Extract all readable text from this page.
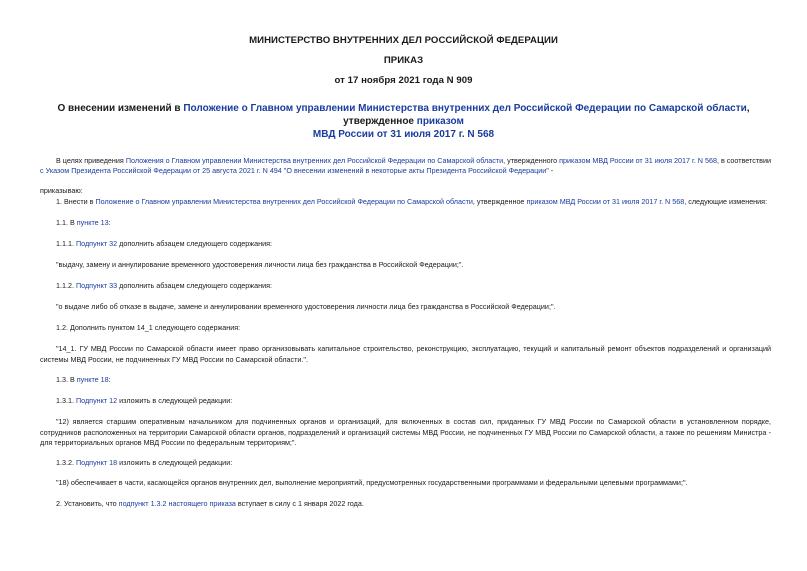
МИНИСТЕРСТВО ВНУТРЕННИХ ДЕЛ РОССИЙСКОЙ ФЕДЕРАЦИИ
ПРИКАЗ
от 17 ноября 2021 года N 909
О внесении изменений в Положение о Главном управлении Министерства внутренних дел Российской Федерации по Самарской области, утвержденное приказом
МВД России от 31 июля 2017 г. N 568
В целях приведения Положения о Главном управлении Министерства внутренних дел Российской Федерации по Самарской области, утвержденного приказом МВД России от 31 июля 2017 г. N 568, в соответствии
с Указом Президента Российской Федерации от 25 августа 2021 г. N 494 "О внесении изменений в некоторые акты Президента Российской Федерации" -
приказываю:
1. Внести в Положение о Главном управлении Министерства внутренних дел Российской Федерации по Самарской области, утвержденное приказом МВД России от 31 июля 2017 г. N 568, следующие изменения:
1.1. В пункте 13:
1.1.1. Подпункт 32 дополнить абзацем следующего содержания:
"выдачу, замену и аннулирование временного удостоверения личности лица без гражданства в Российской Федерации;".
1.1.2. Подпункт 33 дополнить абзацем следующего содержания:
"о выдаче либо об отказе в выдаче, замене и аннулировании временного удостоверения личности лица без гражданства в Российской Федерации;".
1.2. Дополнить пунктом 14_1 следующего содержания:
"14_1. ГУ МВД России по Самарской области имеет право организовывать капитальное строительство, реконструкцию, эксплуатацию, текущий и капитальный ремонт объектов подразделений и организаций системы МВД России, не подчиненных ГУ МВД России по Самарской области.".
1.3. В пункте 18:
1.3.1. Подпункт 12 изложить в следующей редакции:
"12) является старшим оперативным начальником для подчиненных органов и организаций, для включенных в состав сил, приданных ГУ МВД России по Самарской области в установленном порядке, сотрудников расположенных на территории Самарской области органов, подразделений и организаций системы МВД России, не подчиненных ГУ МВД России по Самарской области, а также по решениям Министра - для территориальных органов МВД России по федеральным территориям;".
1.3.2. Подпункт 18 изложить в следующей редакции:
"18) обеспечивает в части, касающейся органов внутренних дел, выполнение мероприятий, предусмотренных государственными программами и федеральными целевыми программами;".
2. Установить, что подпункт 1.3.2 настоящего приказа вступает в силу с 1 января 2022 года.
